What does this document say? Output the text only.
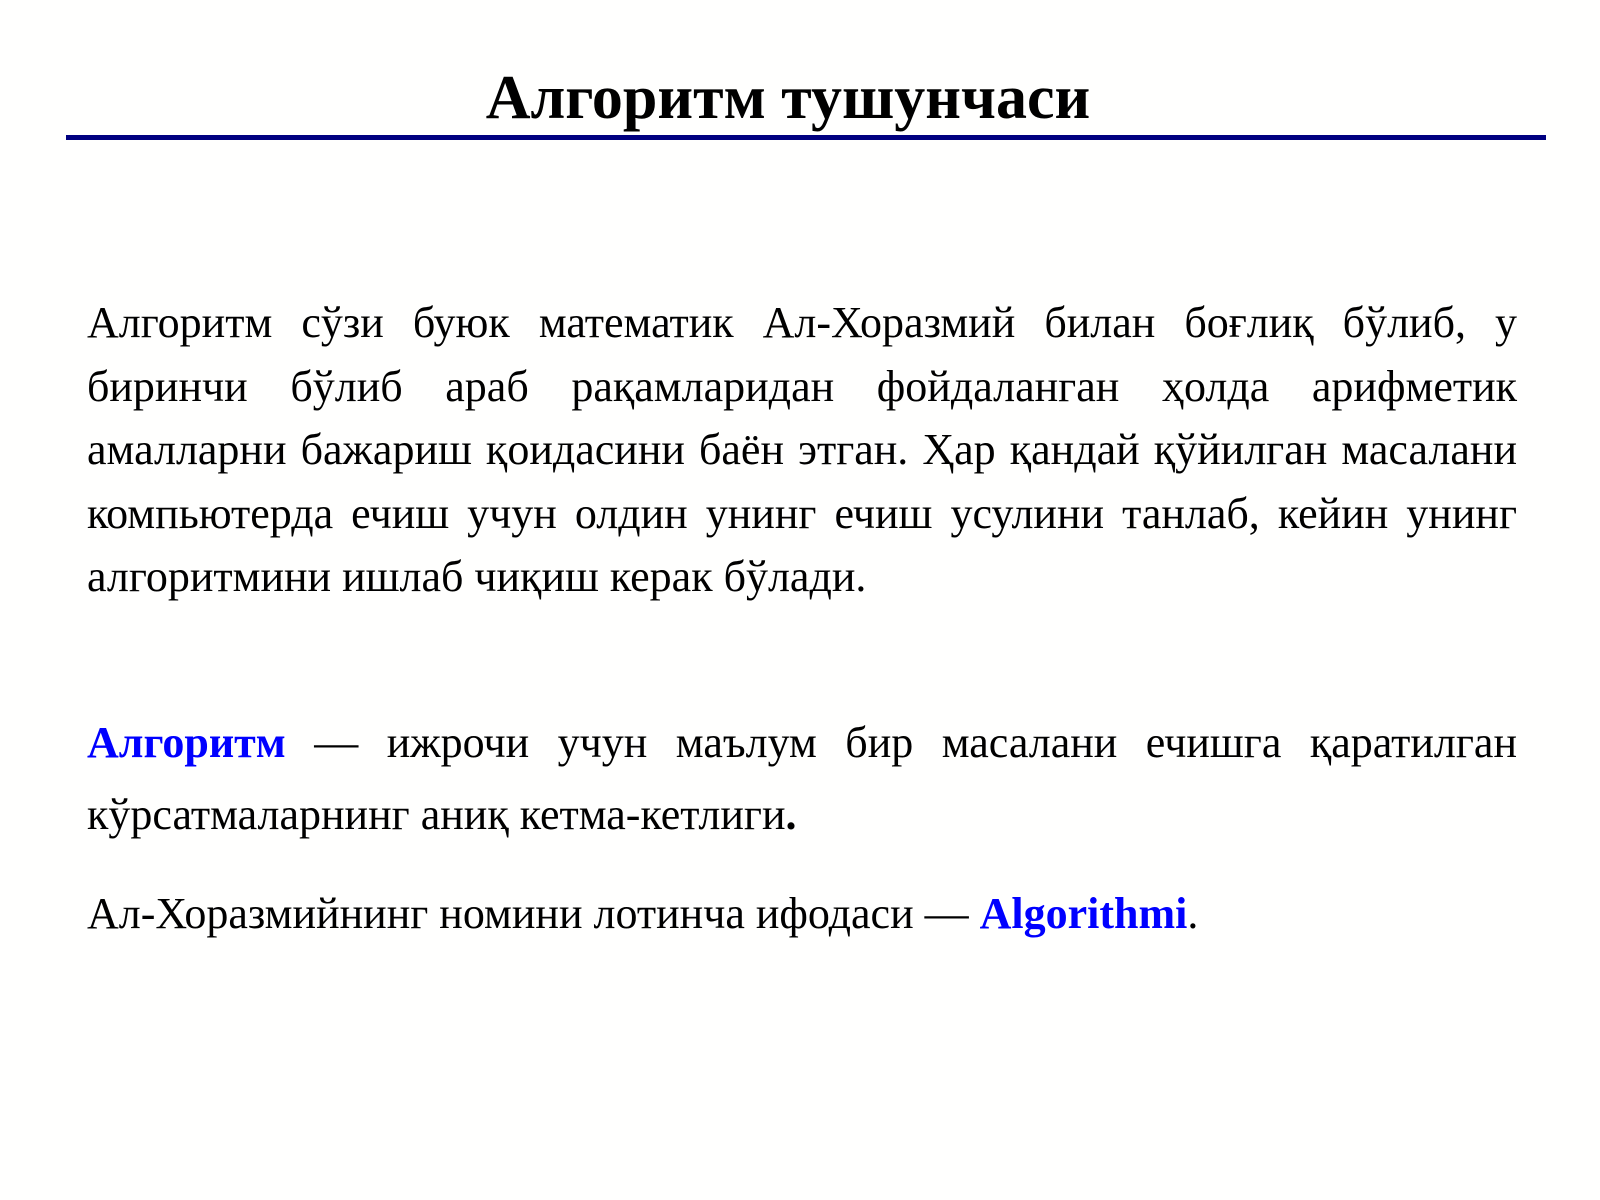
Алгоритм тушунчаси

Алгоритм сўзи буюк математик Ал-Хоразмий билан боғлиқ бўлиб, у биринчи бўлиб араб рақамларидан фойдаланган ҳолда арифметик амалларни бажариш қоидасини баён этган. Ҳар қандай қўйилган масалани компьютерда ечиш учун олдин унинг ечиш усулини танлаб, кейин унинг алгоритмини ишлаб чиқиш керак бўлади.

Алгоритм — ижрочи учун маълум бир масалани ечишга қаратилган кўрсатмаларнинг аниқ кетма-кетлиги.

Ал-Хоразмийнинг номини лотинча ифодаси — Algorithmi.
